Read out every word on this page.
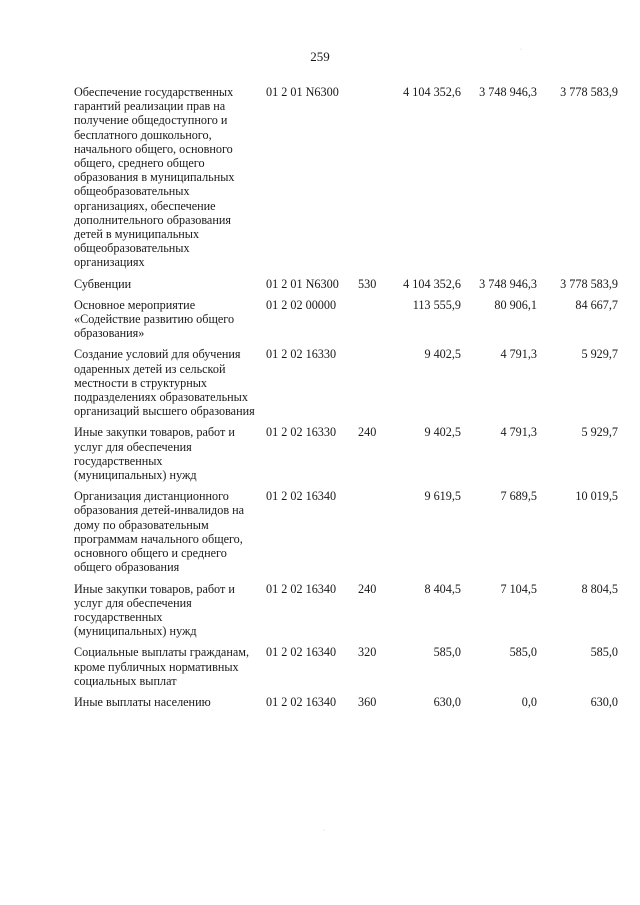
259	·
·
Обеспечение государственных гарантий реализации прав на получение общедоступного и бесплатного дошкольного, начального общего, основного общего, среднего общего образования в муниципальных общеобразовательных организациях, обеспечение дополнительного образования детей в муниципальных общеобразовательных организациях	01 2 01 N6300		4 104 352,6	3 748 946,3	3 778 583,9

Субвенции	01 2 01 N6300	530	4 104 352,6	3 748 946,3	3 778 583,9

Основное мероприятие «Содействие развитию общего образования»	01 2 02 00000		113 555,9	80 906,1	84 667,7

Создание условий для обучения одаренных детей из сельской местности в структурных подразделениях образовательных организаций высшего образования	01 2 02 16330		9 402,5	4 791,3	5 929,7

Иные закупки товаров, работ и услуг для обеспечения государственных (муниципальных) нужд	01 2 02 16330	240	9 402,5	4 791,3	5 929,7

Организация дистанционного образования детей-инвалидов на дому по образовательным программам начального общего, основного общего и среднего общего образования	01 2 02 16340		9 619,5	7 689,5	10 019,5

Иные закупки товаров, работ и услуг для обеспечения государственных (муниципальных) нужд	01 2 02 16340	240	8 404,5	7 104,5	8 804,5

Социальные выплаты гражданам, кроме публичных нормативных социальных выплат	01 2 02 16340	320	585,0	585,0	585,0

Иные выплаты населению	01 2 02 16340	360	630,0	0,0	630,0
